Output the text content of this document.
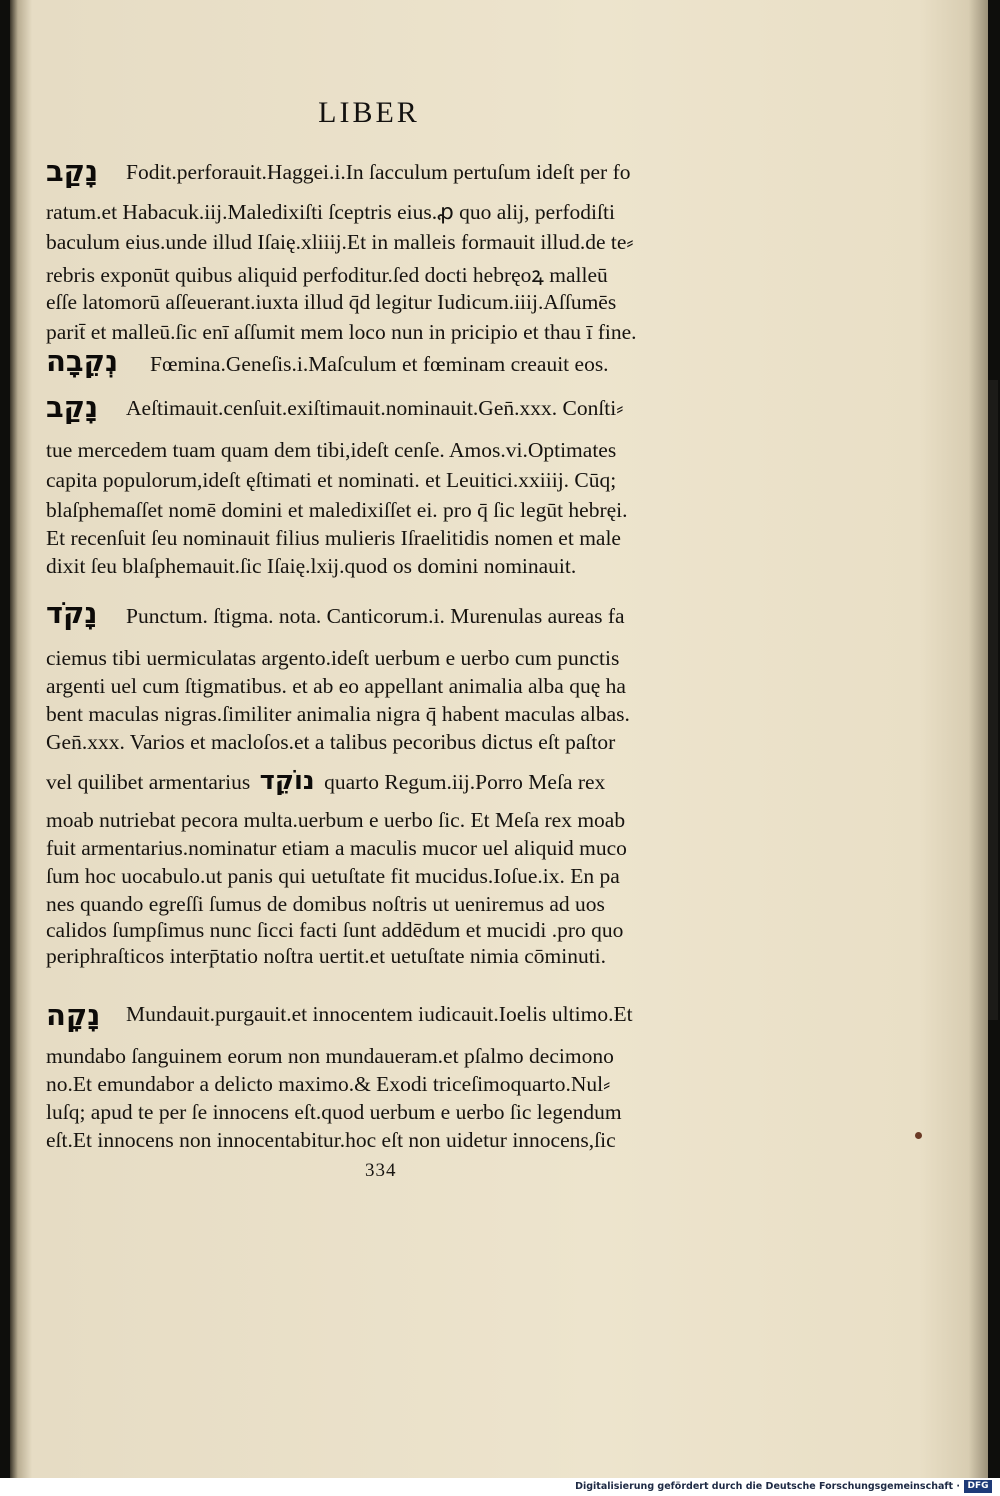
LIBER
נָקַב Fodit.perforauit.Haggei.i.In ſacculum pertuſum ideſt per fo
ratum.et Habacuk.iij.Maledixiſti ſceptris eius.ꝓ quo alij, perfodiſti
baculum eius.unde illud Iſaię.xliiij.Et in malleis formauit illud.de te⸗
rebris exponūt quibus aliquid perfoditur.ſed docti hebręoꝝ malleū
eſſe latomorū aſſeuerant.iuxta illud q̄d legitur Iudicum.iiij.Aſſumēs
parit̄ et malleū.ſic enī aſſumit mem loco nun in pricipio et thau ī fine.
נְקֵבָה Fœmina.Geneſis.i.Maſculum et fœminam creauit eos.
נָקַב Aeſtimauit.cenſuit.exiſtimauit.nominauit.Gen̄.xxx. Conſti⸗
tue mercedem tuam quam dem tibi,ideſt cenſe. Amos.vi.Optimates
capita populorum,ideſt ęſtimati et nominati. et Leuitici.xxiiij. Cūq;
blaſphemaſſet nomē domini et maledixiſſet ei. pro q̄ ſic legūt hebręi.
Et recenſuit ſeu nominauit filius mulieris Iſraelitidis nomen et male
dixit ſeu blaſphemauit.ſic Iſaię.lxij.quod os domini nominauit.
נָקֹד Punctum. ſtigma. nota. Canticorum.i. Murenulas aureas fa
ciemus tibi uermiculatas argento.ideſt uerbum e uerbo cum punctis
argenti uel cum ſtigmatibus. et ab eo appellant animalia alba quę ha
bent maculas nigras.ſimiliter animalia nigra q̄ habent maculas albas.
Gen̄.xxx. Varios et macloſos.et a talibus pecoribus dictus eſt paſtor
vel quilibet armentarius נוֹקֵד quarto Regum.iij.Porro Meſa rex
moab nutriebat pecora multa.uerbum e uerbo ſic. Et Meſa rex moab
fuit armentarius.nominatur etiam a maculis mucor uel aliquid muco
ſum hoc uocabulo.ut panis qui uetuſtate fit mucidus.Ioſue.ix. En pa
nes quando egreſſi ſumus de domibus noſtris ut ueniremus ad uos
calidos ſumpſimus nunc ſicci facti ſunt addēdum et mucidi .pro quo
periphraſticos interp̄tatio noſtra uertit.et uetuſtate nimia cōminuti.
נָקָה Mundauit.purgauit.et innocentem iudicauit.Ioelis ultimo.Et
mundabo ſanguinem eorum non mundaueram.et pſalmo decimono
no.Et emundabor a delicto maximo.& Exodi triceſimoquarto.Nul⸗
luſq; apud te per ſe innocens eſt.quod uerbum e uerbo ſic legendum
eſt.Et innocens non innocentabitur.hoc eſt non uidetur innocens,ſic
334
Digitalisierung gefördert durch die Deutsche Forschungsgemeinschaft · DFG
